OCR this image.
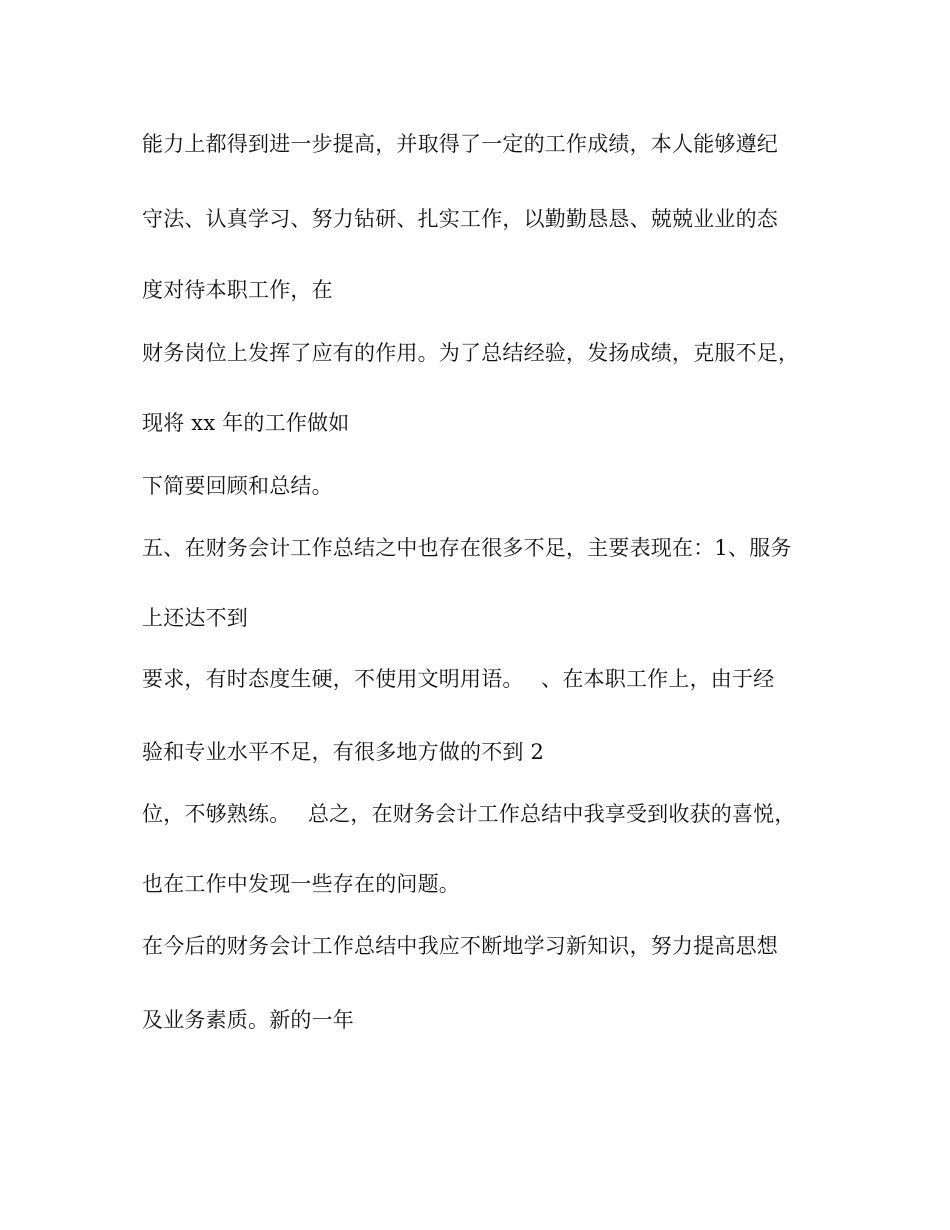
能力上都得到进一步提高，并取得了一定的工作成绩，本人能够遵纪
守法、认真学习、努力钻研、扎实工作，以勤勤恳恳、兢兢业业的态
度对待本职工作，在
财务岗位上发挥了应有的作用。为了总结经验，发扬成绩，克服不足，
现将 xx 年的工作做如
下简要回顾和总结。
五、在财务会计工作总结之中也存在很多不足，主要表现在：1、服务
上还达不到
要求，有时态度生硬，不使用文明用语。　 、在本职工作上，由于经
验和专业水平不足，有很多地方做的不到 2
位，不够熟练。　 总之，在财务会计工作总结中我享受到收获的喜悦，
也在工作中发现一些存在的问题。
在今后的财务会计工作总结中我应不断地学习新知识，努力提高思想
及业务素质。新的一年
